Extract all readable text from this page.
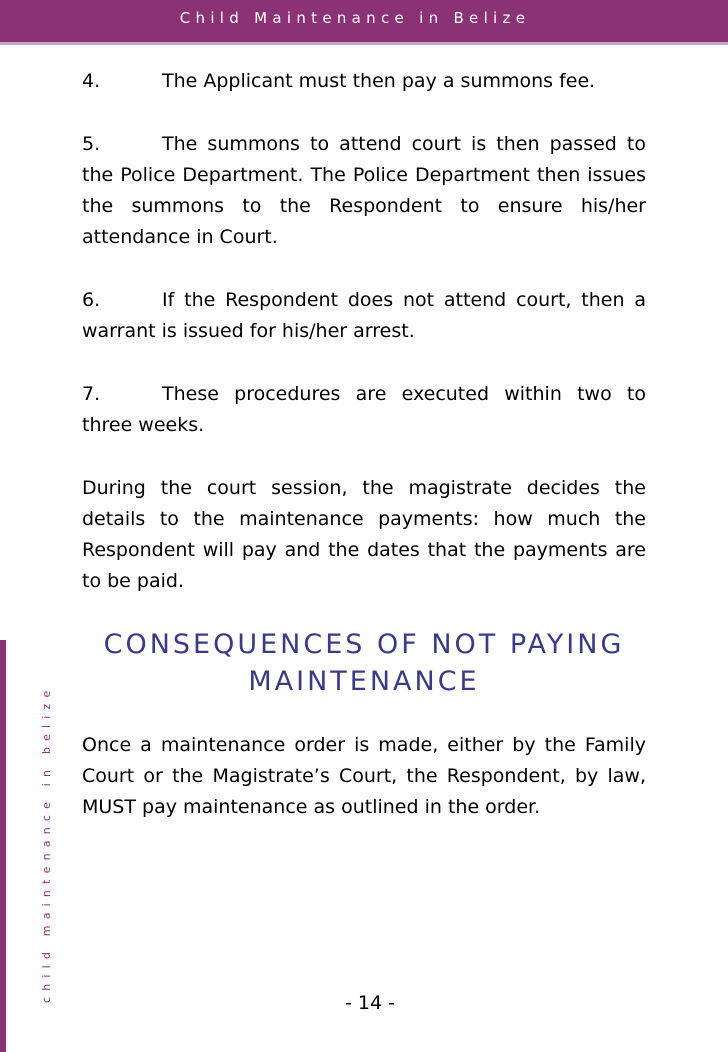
Child Maintenance in Belize
child maintenance in belize

4.	The Applicant must then pay a summons fee.

5.	The summons to attend court is then passed to the Police Department. The Police Department then issues the summons to the Respondent to ensure his/her attendance in Court.

6.	If the Respondent does not attend court, then a warrant is issued for his/her arrest.

7.	These procedures are executed within two to three weeks.

During the court session, the magistrate decides the details to the maintenance payments: how much the Respondent will pay and the dates that the payments are to be paid.

CONSEQUENCES OF NOT PAYING
MAINTENANCE

Once a maintenance order is made, either by the Family Court or the Magistrate’s Court, the Respondent, by law, MUST pay maintenance as outlined in the order.

- 14 -
